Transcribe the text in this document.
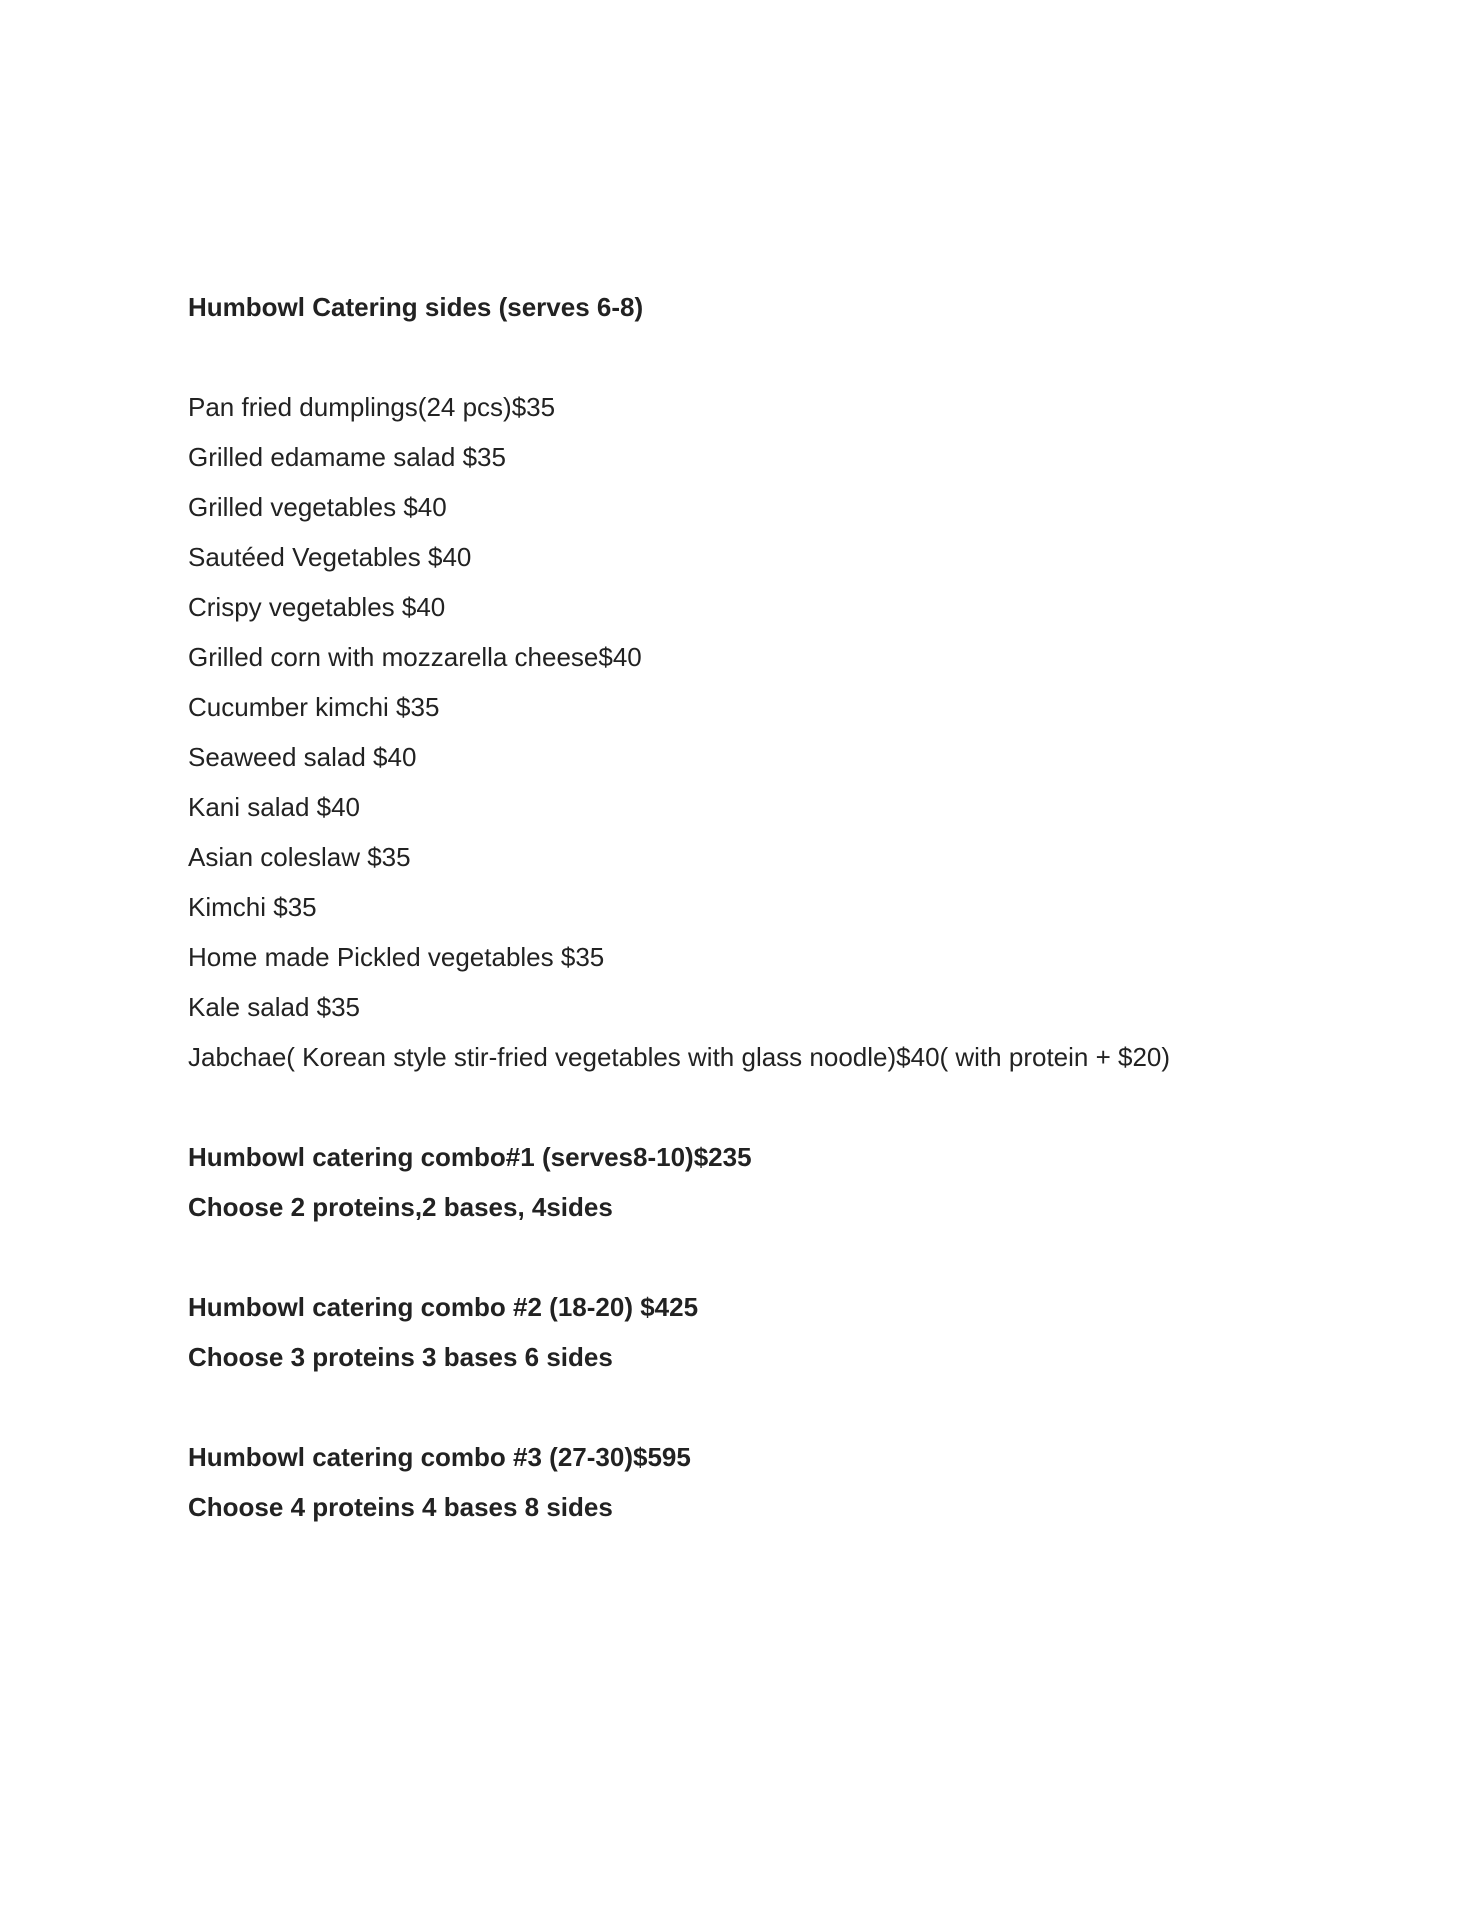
Humbowl Catering sides (serves 6-8)
Pan fried dumplings(24 pcs)$35
Grilled edamame salad $35
Grilled vegetables $40
Sautéed Vegetables $40
Crispy vegetables $40
Grilled corn with mozzarella cheese$40
Cucumber kimchi $35
Seaweed salad $40
Kani salad $40
Asian coleslaw $35
Kimchi $35
Home made Pickled vegetables $35
Kale salad $35
Jabchae( Korean style stir-fried vegetables with glass noodle)$40( with protein + $20)
Humbowl catering combo#1 (serves8-10)$235
Choose 2 proteins,2 bases, 4sides
Humbowl catering combo #2 (18-20) $425
Choose 3 proteins 3 bases 6 sides
Humbowl catering combo #3 (27-30)$595
Choose 4 proteins 4 bases 8 sides
